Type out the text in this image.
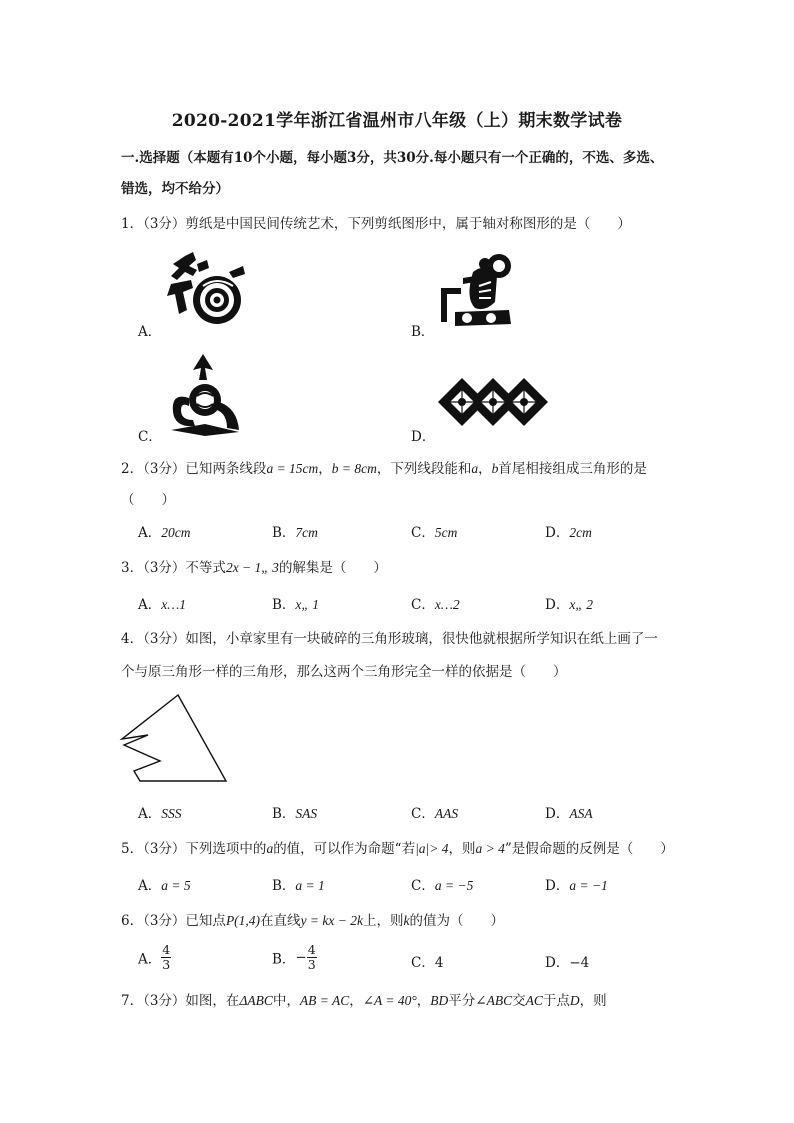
2020-2021学年浙江省温州市八年级（上）期末数学试卷
一.选择题（本题有10个小题，每小题3分，共30分.每小题只有一个正确的，不选、多选、
错选，均不给分）
1．（3分）剪纸是中国民间传统艺术，下列剪纸图形中，属于轴对称图形的是（　　）
A．	B．
C．	D．
2．（3分）已知两条线段a = 15cm，b = 8cm，下列线段能和a，b首尾相接组成三角形的是
（　　）
A．20cm	B．7cm	C．5cm	D．2cm
3．（3分）不等式2x − 1„ 3的解集是（　　）
A．x…1	B．x„ 1	C．x…2	D．x„ 2
4．（3分）如图，小章家里有一块破碎的三角形玻璃，很快他就根据所学知识在纸上画了一
个与原三角形一样的三角形，那么这两个三角形完全一样的依据是（　　）
A．SSS	B．SAS	C．AAS	D．ASA
5．（3分）下列选项中的a的值，可以作为命题“若|a|> 4，则a > 4”是假命题的反例是（　　）
A．a = 5	B．a = 1	C．a = −5	D．a = −1
6．（3分）已知点P(1,4)在直线y = kx − 2k上，则k的值为（　　）
A． $\frac{4}{3}$	B．− $\frac{4}{3}$	C．4	D．−4
7．（3分）如图，在ΔABC中，AB = AC，∠A = 40°，BD平分∠ABC交AC于点D，则
